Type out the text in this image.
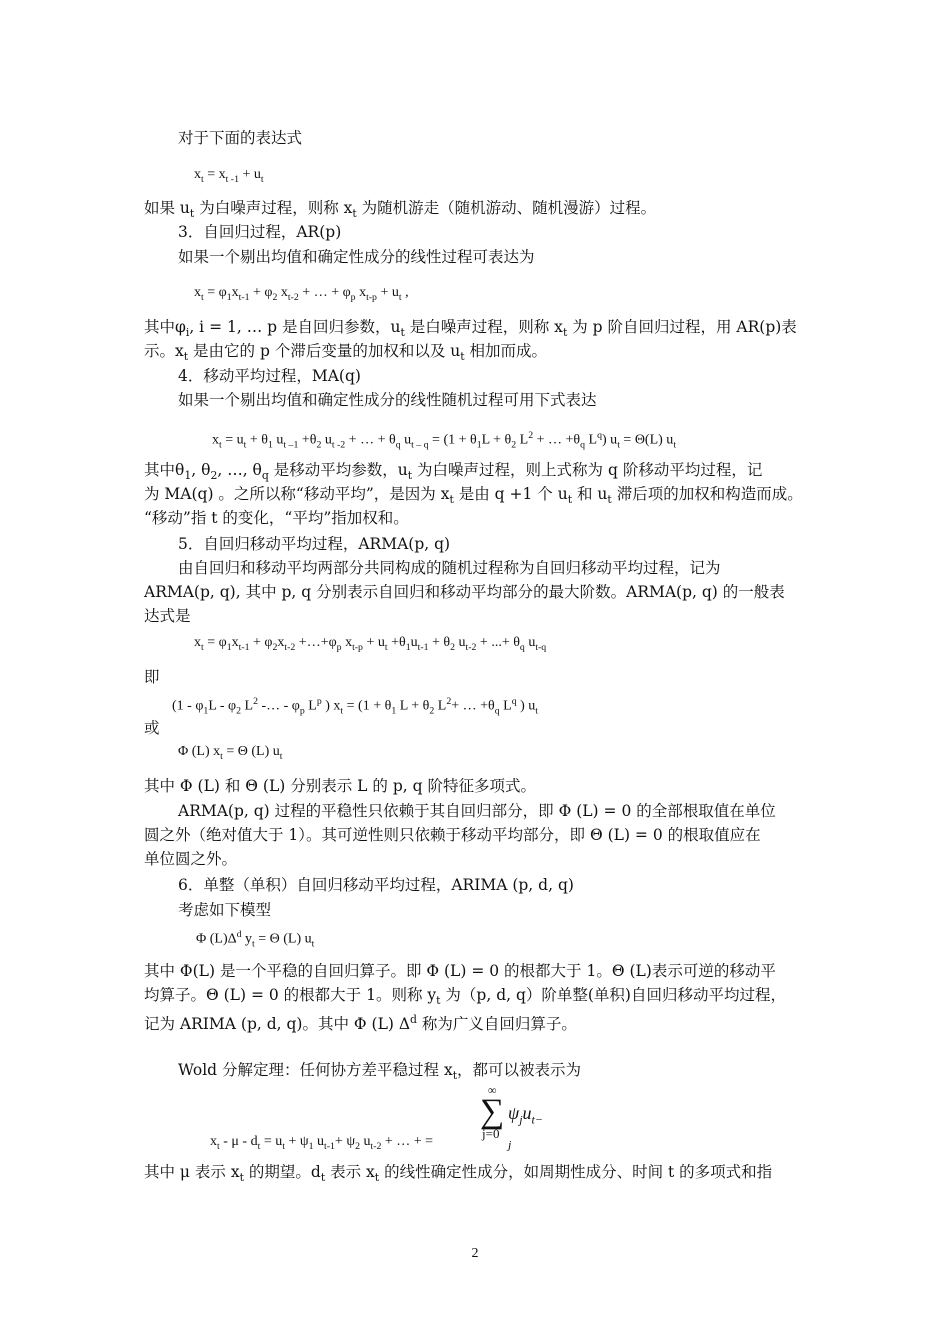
对于下面的表达式
$x_t = x_{t -1} + u_t$
如果 $u_t$ 为白噪声过程，则称 $x_t$ 为随机游走（随机游动、随机漫游）过程。
3．自回归过程，AR(p)
如果一个剔出均值和确定性成分的线性过程可表达为
$x_t = \varphi_1x_{t-1} + \varphi_2$ $x_{t-2}$ + … + $\varphi_p$ $x_{t-p} + u_t$ ,
其中$\varphi_i$, i = 1, … p 是自回归参数，$u_t$ 是白噪声过程，则称 $x_t$ 为 p 阶自回归过程，用 AR(p)表
示。$x_t$ 是由它的 p 个滞后变量的加权和以及 $u_t$ 相加而成。
4．移动平均过程，MA(q)
如果一个剔出均值和确定性成分的线性随机过程可用下式表达
$x_t = u_t + \theta_1$ $u_{t -1} +\theta_2$ $u_{t -2}$ + … + $\theta_q$ $u_{t - q} = (1 + \theta_1L + \theta_2$ $L^2$ + … $+\theta_q$ $L^q$) $u_t = \Theta(L)$ $u_t$
其中$\theta_1$, $\theta_2$, …, $\theta_q$ 是移动平均参数，$u_t$ 为白噪声过程，则上式称为 q 阶移动平均过程，记
为 MA(q) 。之所以称“移动平均”，是因为 $x_t$ 是由 q +1 个 $u_t$ 和 $u_t$ 滞后项的加权和构造而成。
“移动”指 t 的变化，“平均”指加权和。
5．自回归移动平均过程，ARMA(p, q)
由自回归和移动平均两部分共同构成的随机过程称为自回归移动平均过程，记为
ARMA(p, q), 其中 p, q 分别表示自回归和移动平均部分的最大阶数。ARMA(p, q) 的一般表
达式是
$x_t = \varphi_1x_{t-1} + \varphi_2x_{t-2}$ $+\dots+\varphi_p$ $x_{t-p} + u_t +\theta_1u_{t-1} + \theta_2$ $u_{t-2}$ + ...+ $\theta_q$ $u_{t-q}$
即
($1 - \varphi_1L - \varphi_2$ $L^2$ -… - $\varphi_p$ $L^p$ ) $x_t = (1 + \theta_1$ $L + \theta_2$ $L^2+$ … $+\theta_q$ $L^q$ ) $u_t$
或
Φ (L) $x_t = \Theta$ (L) $u_t$
其中 Φ (L) 和 Θ (L) 分别表示 L 的 p, q 阶特征多项式。
ARMA(p, q) 过程的平稳性只依赖于其自回归部分，即 Φ (L) = 0 的全部根取值在单位
圆之外（绝对值大于 1）。其可逆性则只依赖于移动平均部分，即 Θ (L) = 0 的根取值应在
单位圆之外。
6．单整（单积）自回归移动平均过程，ARIMA (p, d, q)
考虑如下模型
Φ $(L)\Delta^d$ $y_t = \Theta$ (L) $u_t$
其中 Φ(L) 是一个平稳的自回归算子。即 Φ (L) = 0 的根都大于 1。Θ (L)表示可逆的移动平
均算子。Θ (L) = 0 的根都大于 1。则称 $y_t$ 为（p, d, q）阶单整(单积)自回归移动平均过程，
记为 ARIMA (p, d, q)。其中 Φ (L) $\Delta^d$ 称为广义自回归算子。
Wold 分解定理：任何协方差平稳过程 $x_t$，都可以被表示为
$x_t - \mu - d_t = u_t + \psi_1$ $u_{t-1}+ \psi_2$ $u_{t-2}$ + … + =
∞
∑
j=0
$\psi_ju_{t- j}$
其中 μ 表示 $x_t$ 的期望。$d_t$ 表示 $x_t$ 的线性确定性成分，如周期性成分、时间 t 的多项式和指
2
